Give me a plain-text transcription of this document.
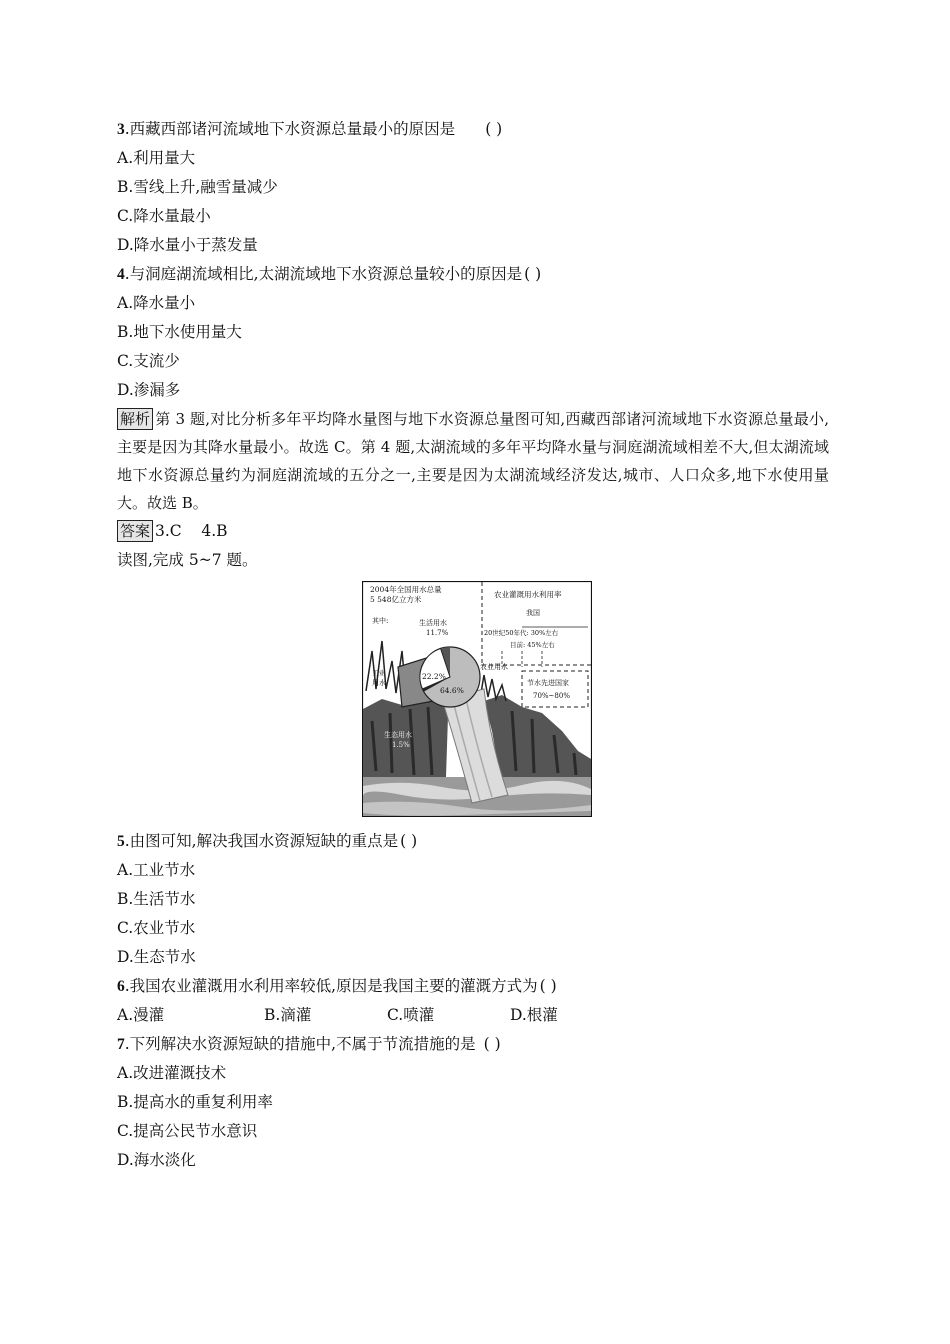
3.西藏西部诸河流域地下水资源总量最小的原因是 ( )
A.利用量大
B.雪线上升,融雪量减少
C.降水量最小
D.降水量小于蒸发量
4.与洞庭湖流域相比,太湖流域地下水资源总量较小的原因是 ( )
A.降水量小
B.地下水使用量大
C.支流少
D.渗漏多
解析 第 3 题,对比分析多年平均降水量图与地下水资源总量图可知,西藏西部诸河流域地下水资源总量最小,主要是因为其降水量最小。故选 C。第 4 题,太湖流域的多年平均降水量与洞庭湖流域相差不大,但太湖流域地下水资源总量约为洞庭湖流域的五分之一,主要是因为太湖流域经济发达,城市、人口众多,地下水使用量大。故选 B。
答案 3.C    4.B
读图,完成 5~7 题。
2004年全国用水总量
5 548亿立方米
其中:	生活用水
11.7%
工业
用水
22.2%
农业用水
64.6%
生态用水
1.5%
农业灌溉用水利用率
我国
20世纪50年代: 30%左右
目前: 45%左右
节水先进国家
70%~80%
5.由图可知,解决我国水资源短缺的重点是 ( )
A.工业节水
B.生活节水
C.农业节水
D.生态节水
6.我国农业灌溉用水利用率较低,原因是我国主要的灌溉方式为 ( )
A.漫灌	B.滴灌	C.喷灌	D.根灌
7.下列解决水资源短缺的措施中,不属于节流措施的是 ( )
A.改进灌溉技术
B.提高水的重复利用率
C.提高公民节水意识
D.海水淡化
